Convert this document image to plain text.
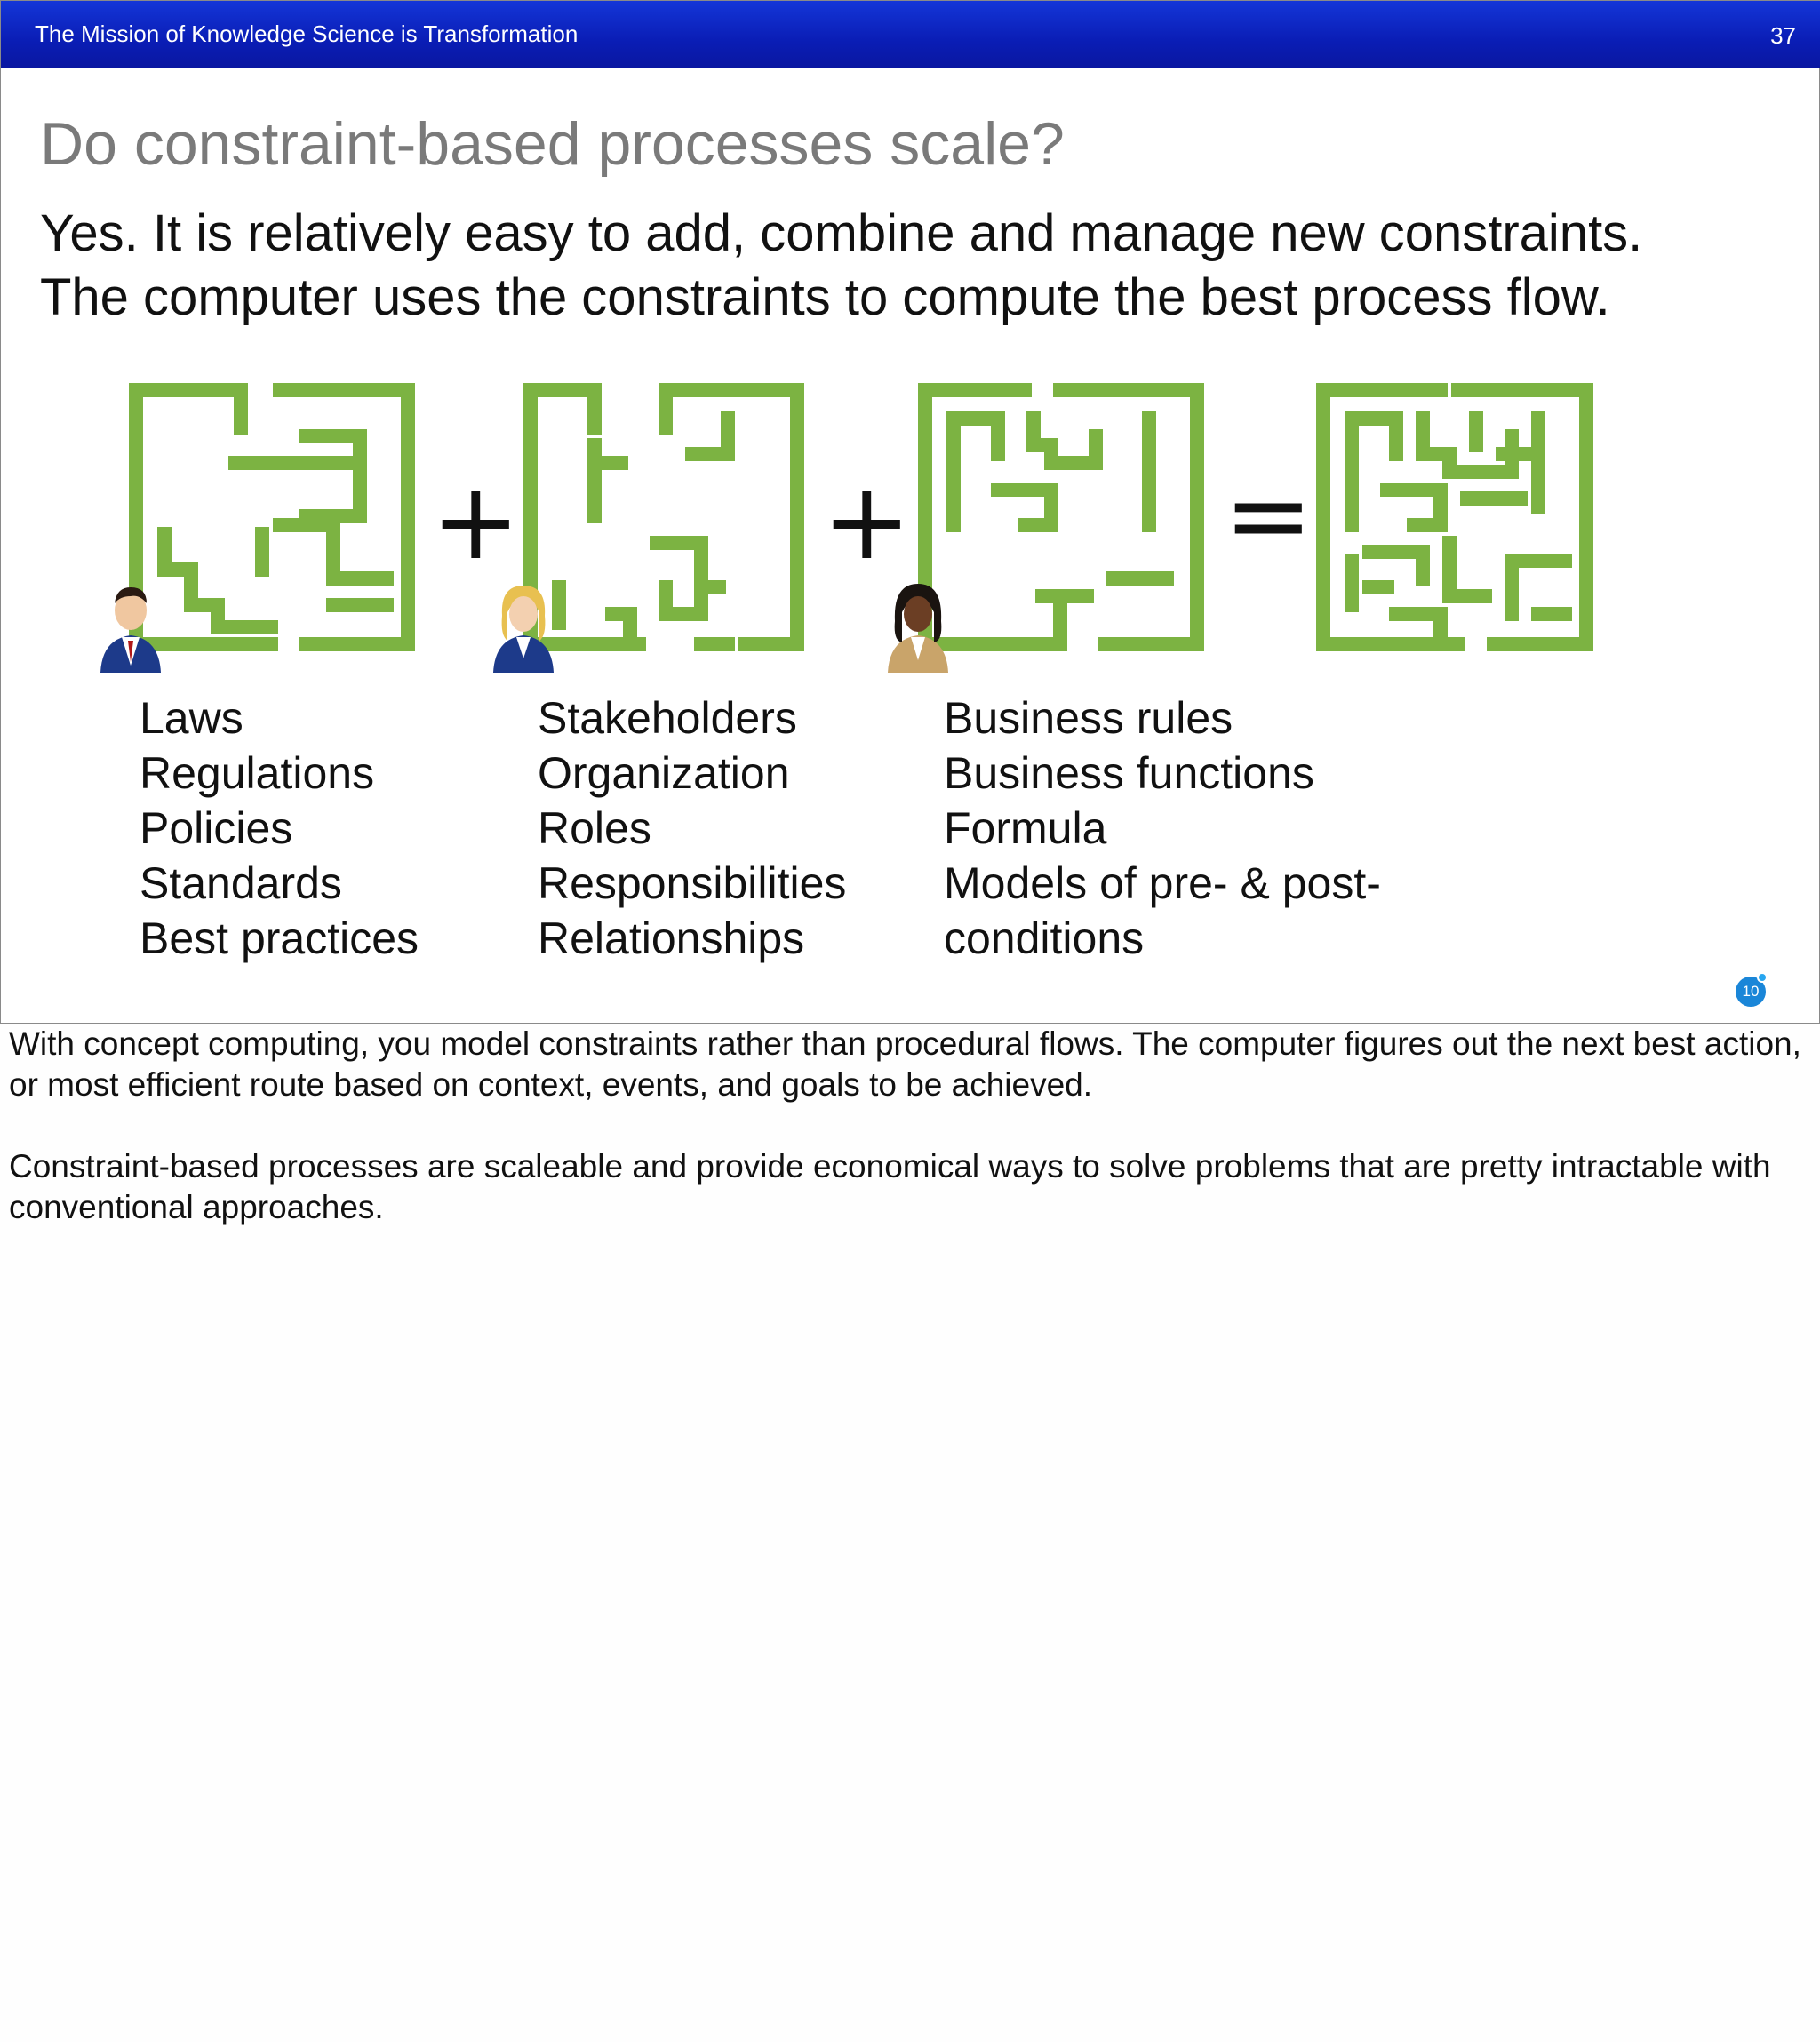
The Mission of Knowledge Science is Transformation	37
Do constraint-based processes scale?
Yes. It is relatively easy to add, combine and manage new constraints.
The computer uses the constraints to compute the best process flow.
+	+	=
Laws
Regulations
Policies
Standards
Best practices
Stakeholders
Organization
Roles
Responsibilities
Relationships
Business rules
Business functions
Formula
Models of pre- & post-
conditions
10

With concept computing, you model constraints rather than procedural flows. The computer figures out the next best action, or most efficient route based on context, events, and goals to be achieved.

Constraint-based processes are scaleable and provide economical ways to solve problems that are pretty intractable with conventional approaches.
